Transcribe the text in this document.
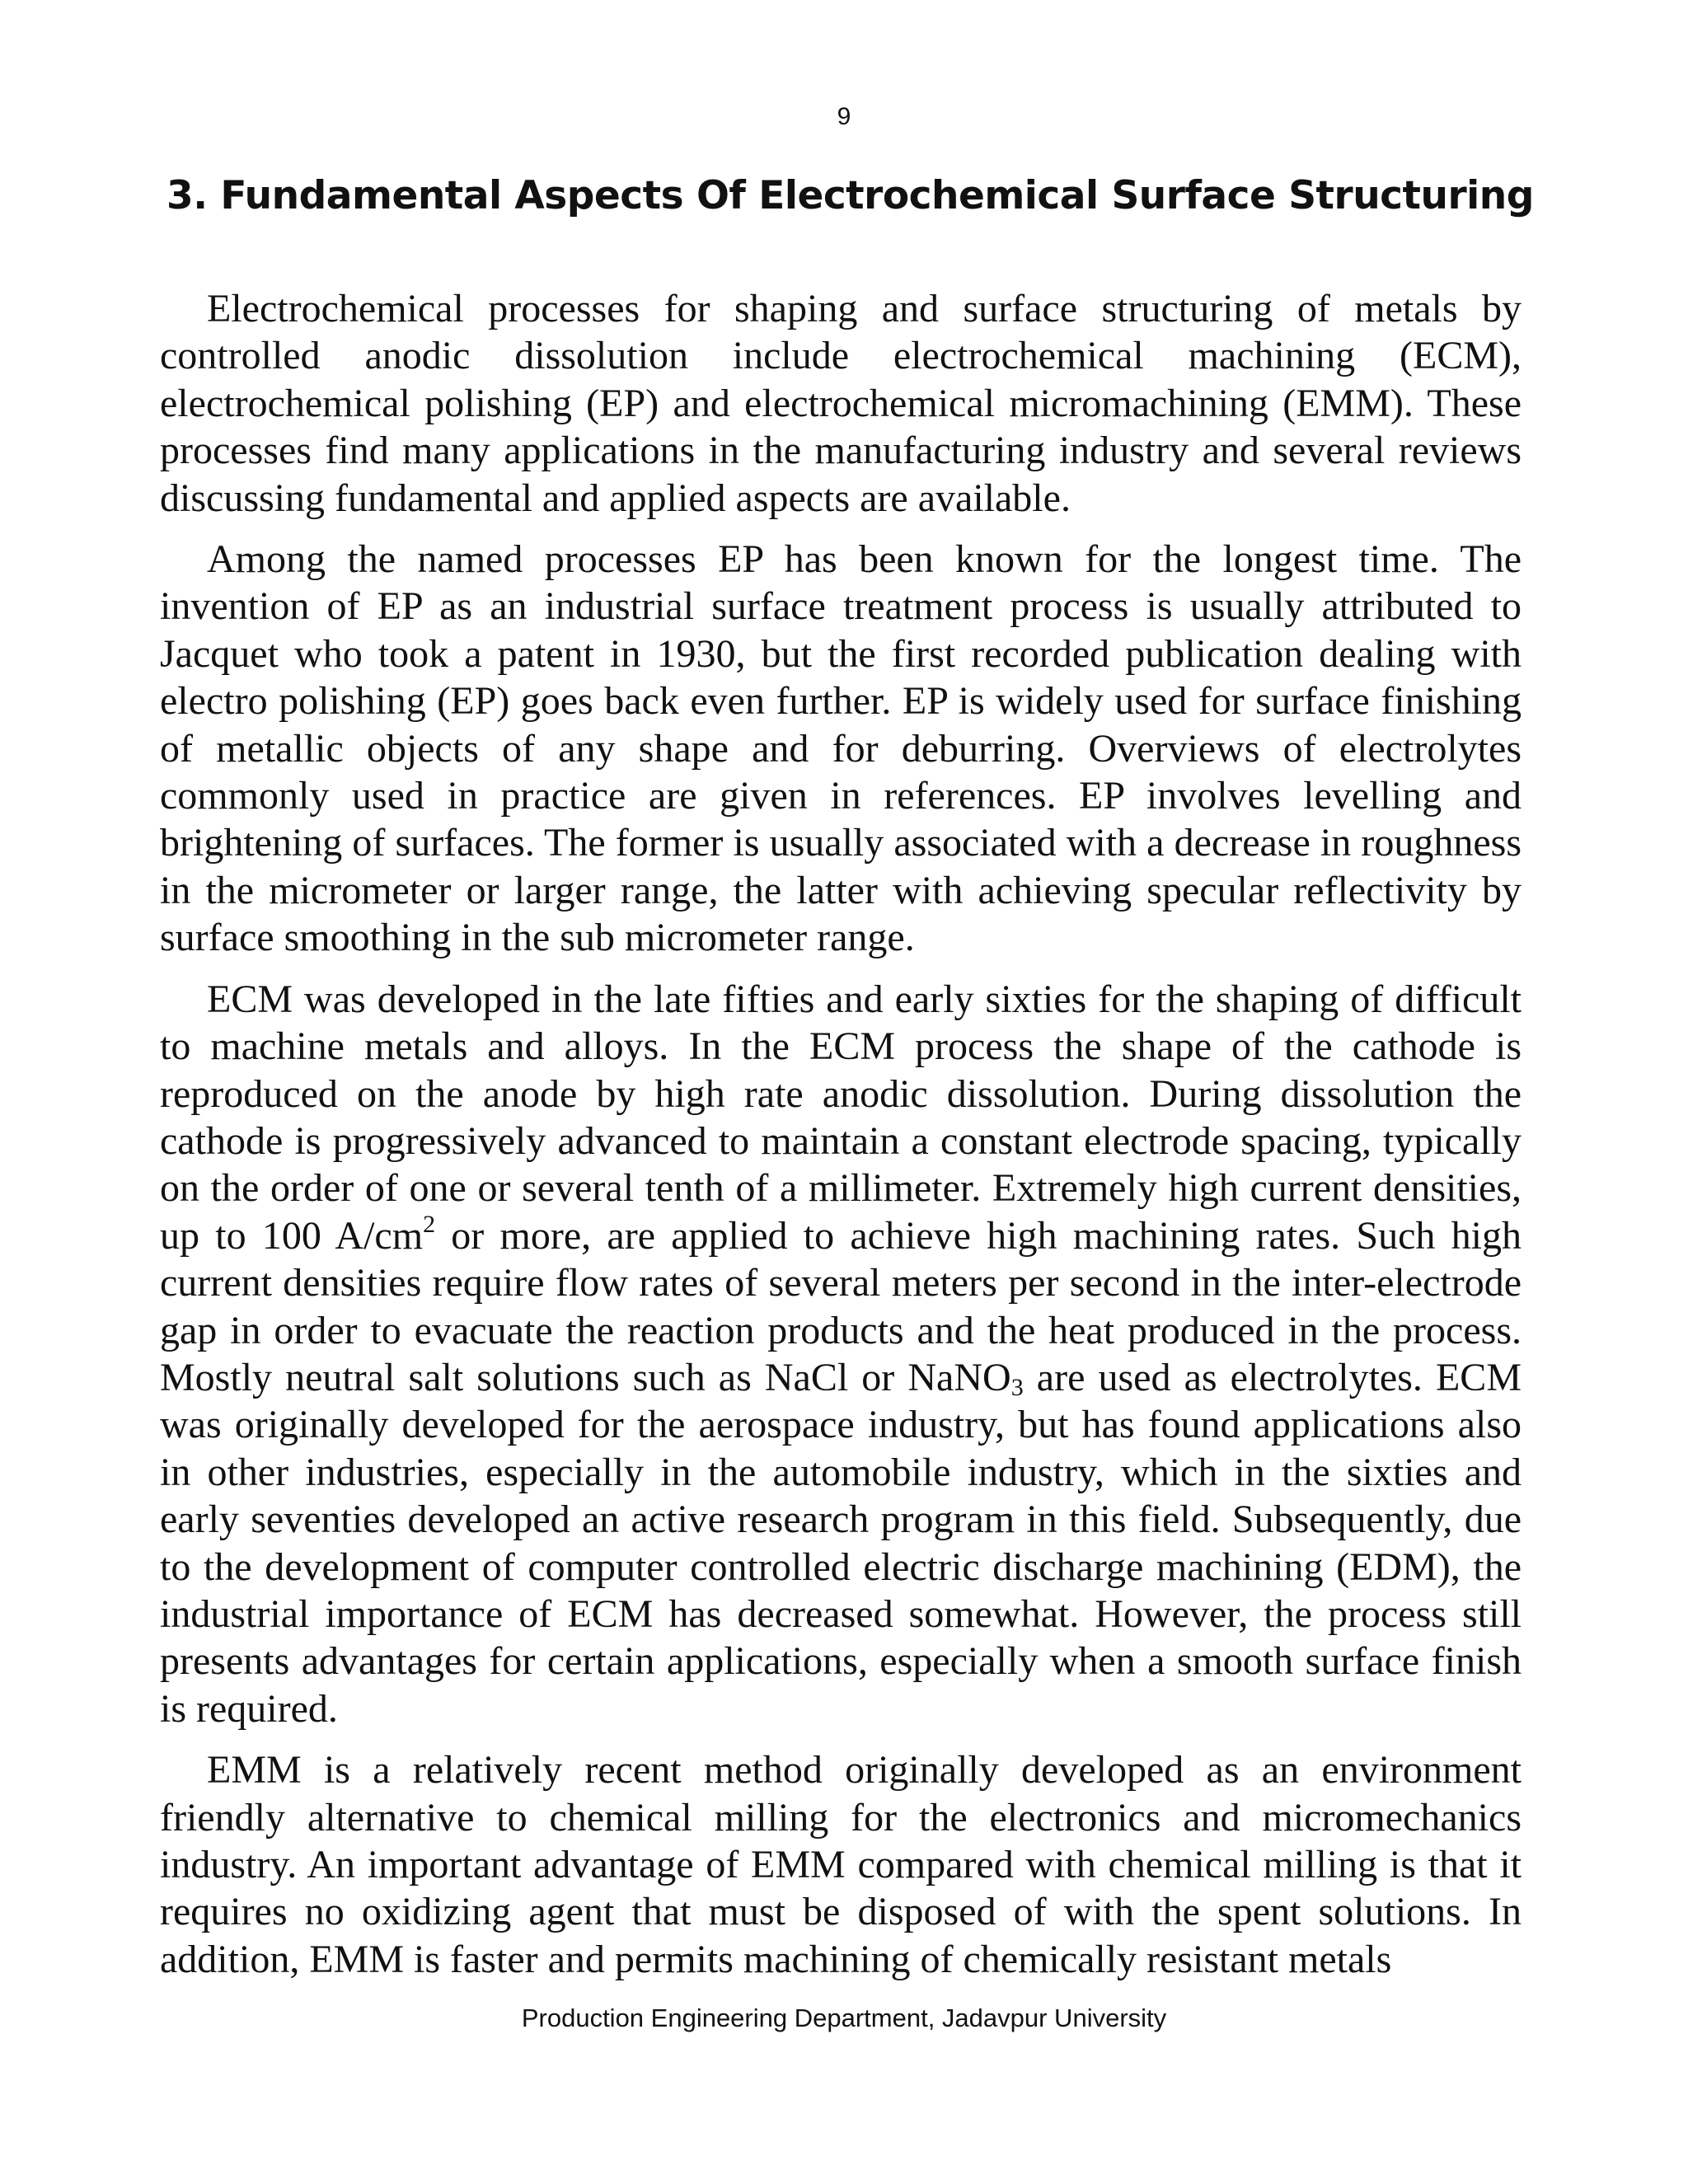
9
3. Fundamental Aspects Of Electrochemical Surface Structuring

Electrochemical processes for shaping and surface structuring of metals by controlled anodic dissolution include electrochemical machining (ECM), electrochemical polishing (EP) and electrochemical micromachining (EMM). These processes find many applications in the manufacturing industry and several reviews discussing fundamental and applied aspects are available.

Among the named processes EP has been known for the longest time. The invention of EP as an industrial surface treatment process is usually attributed to Jacquet who took a patent in 1930, but the first recorded publication dealing with electro polishing (EP) goes back even further. EP is widely used for surface finishing of metallic objects of any shape and for deburring. Overviews of electrolytes commonly used in practice are given in references. EP involves levelling and brightening of surfaces. The former is usually associated with a decrease in roughness in the micrometer or larger range, the latter with achieving specular reflectivity by surface smoothing in the sub micrometer range.

ECM was developed in the late fifties and early sixties for the shaping of difficult to machine metals and alloys. In the ECM process the shape of the cathode is reproduced on the anode by high rate anodic dissolution. During dissolution the cathode is progressively advanced to maintain a constant electrode spacing, typically on the order of one or several tenth of a millimeter. Extremely high current densities, up to 100 $A/cm^2$ or more, are applied to achieve high machining rates. Such high current densities require flow rates of several meters per second in the inter-electrode gap in order to evacuate the reaction products and the heat produced in the process. Mostly neutral salt solutions such as NaCl or NaNO$_3$ are used as electrolytes. ECM was originally developed for the aerospace industry, but has found applications also in other industries, especially in the automobile industry, which in the sixties and early seventies developed an active research program in this field. Subsequently, due to the development of computer controlled electric discharge machining (EDM), the industrial importance of ECM has decreased somewhat. However, the process still presents advantages for certain applications, especially when a smooth surface finish is required.

EMM is a relatively recent method originally developed as an environment friendly alternative to chemical milling for the electronics and micromechanics industry. An important advantage of EMM compared with chemical milling is that it requires no oxidizing agent that must be disposed of with the spent solutions. In addition, EMM is faster and permits machining of chemically resistant metals

Production Engineering Department, Jadavpur University
